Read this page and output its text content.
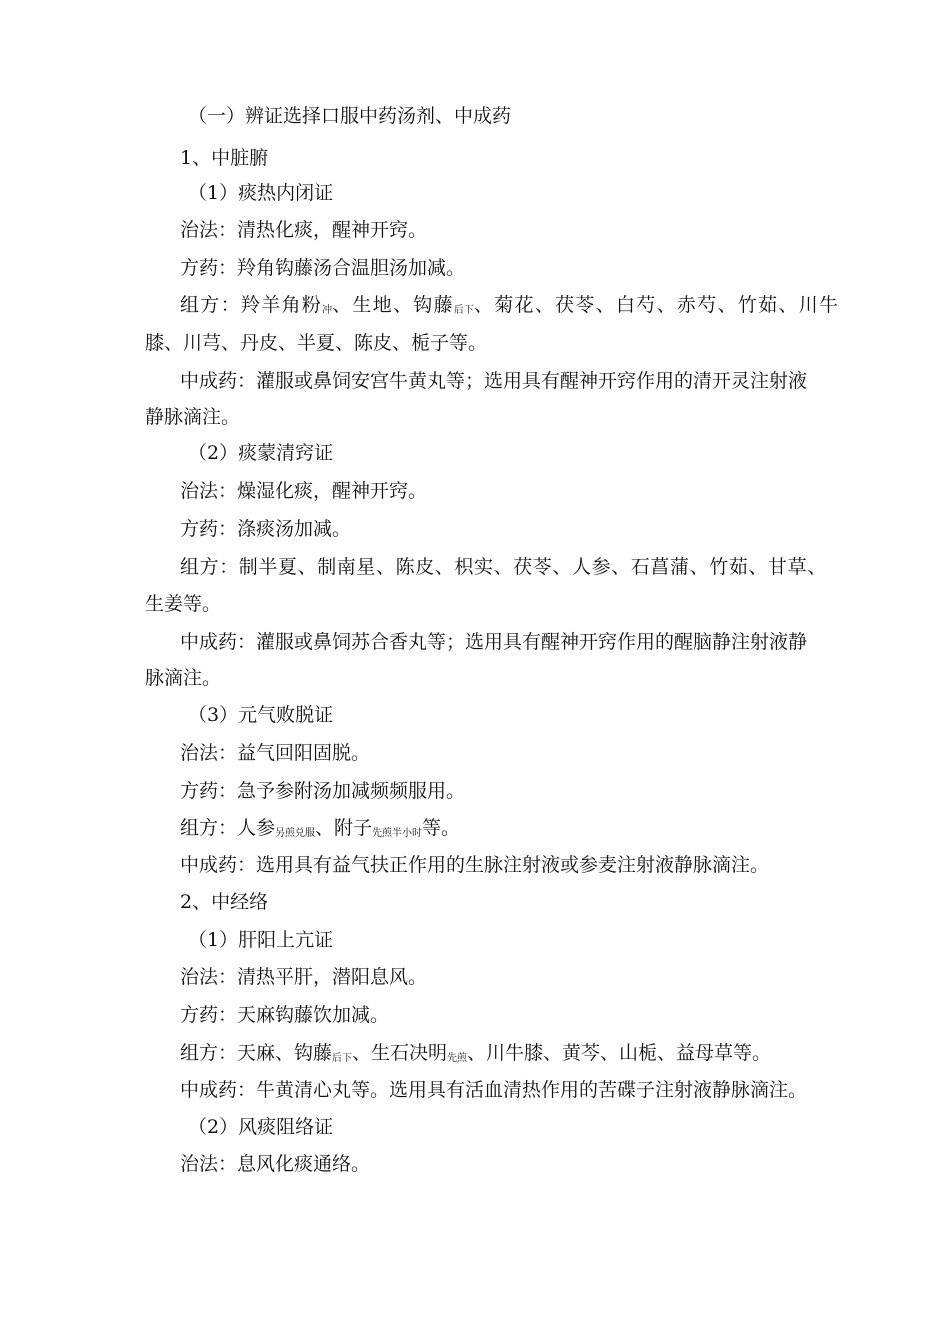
（一）辨证选择口服中药汤剂、中成药
1、中脏腑
（1）痰热内闭证
治法：清热化痰，醒神开窍。
方药：羚角钩藤汤合温胆汤加减。
组方：羚羊角粉$_冲$、生地、钩藤$_{后下}$、菊花、茯苓、白芍、赤芍、竹茹、川牛
膝、川芎、丹皮、半夏、陈皮、栀子等。
中成药：灌服或鼻饲安宫牛黄丸等；选用具有醒神开窍作用的清开灵注射液
静脉滴注。
（2）痰蒙清窍证
治法：燥湿化痰，醒神开窍。
方药：涤痰汤加减。
组方：制半夏、制南星、陈皮、枳实、茯苓、人参、石菖蒲、竹茹、甘草、
生姜等。
中成药：灌服或鼻饲苏合香丸等；选用具有醒神开窍作用的醒脑静注射液静
脉滴注。
（3）元气败脱证
治法：益气回阳固脱。
方药：急予参附汤加减频频服用。
组方：人参$_{另煎兑服}$、附子$_{先煎半小时}$等。
中成药：选用具有益气扶正作用的生脉注射液或参麦注射液静脉滴注。
2、中经络
（1）肝阳上亢证
治法：清热平肝，潜阳息风。
方药：天麻钩藤饮加减。
组方：天麻、钩藤$_{后下}$、生石决明$_{先煎}$、川牛膝、黄芩、山栀、益母草等。
中成药：牛黄清心丸等。选用具有活血清热作用的苦碟子注射液静脉滴注。
（2）风痰阻络证
治法：息风化痰通络。
